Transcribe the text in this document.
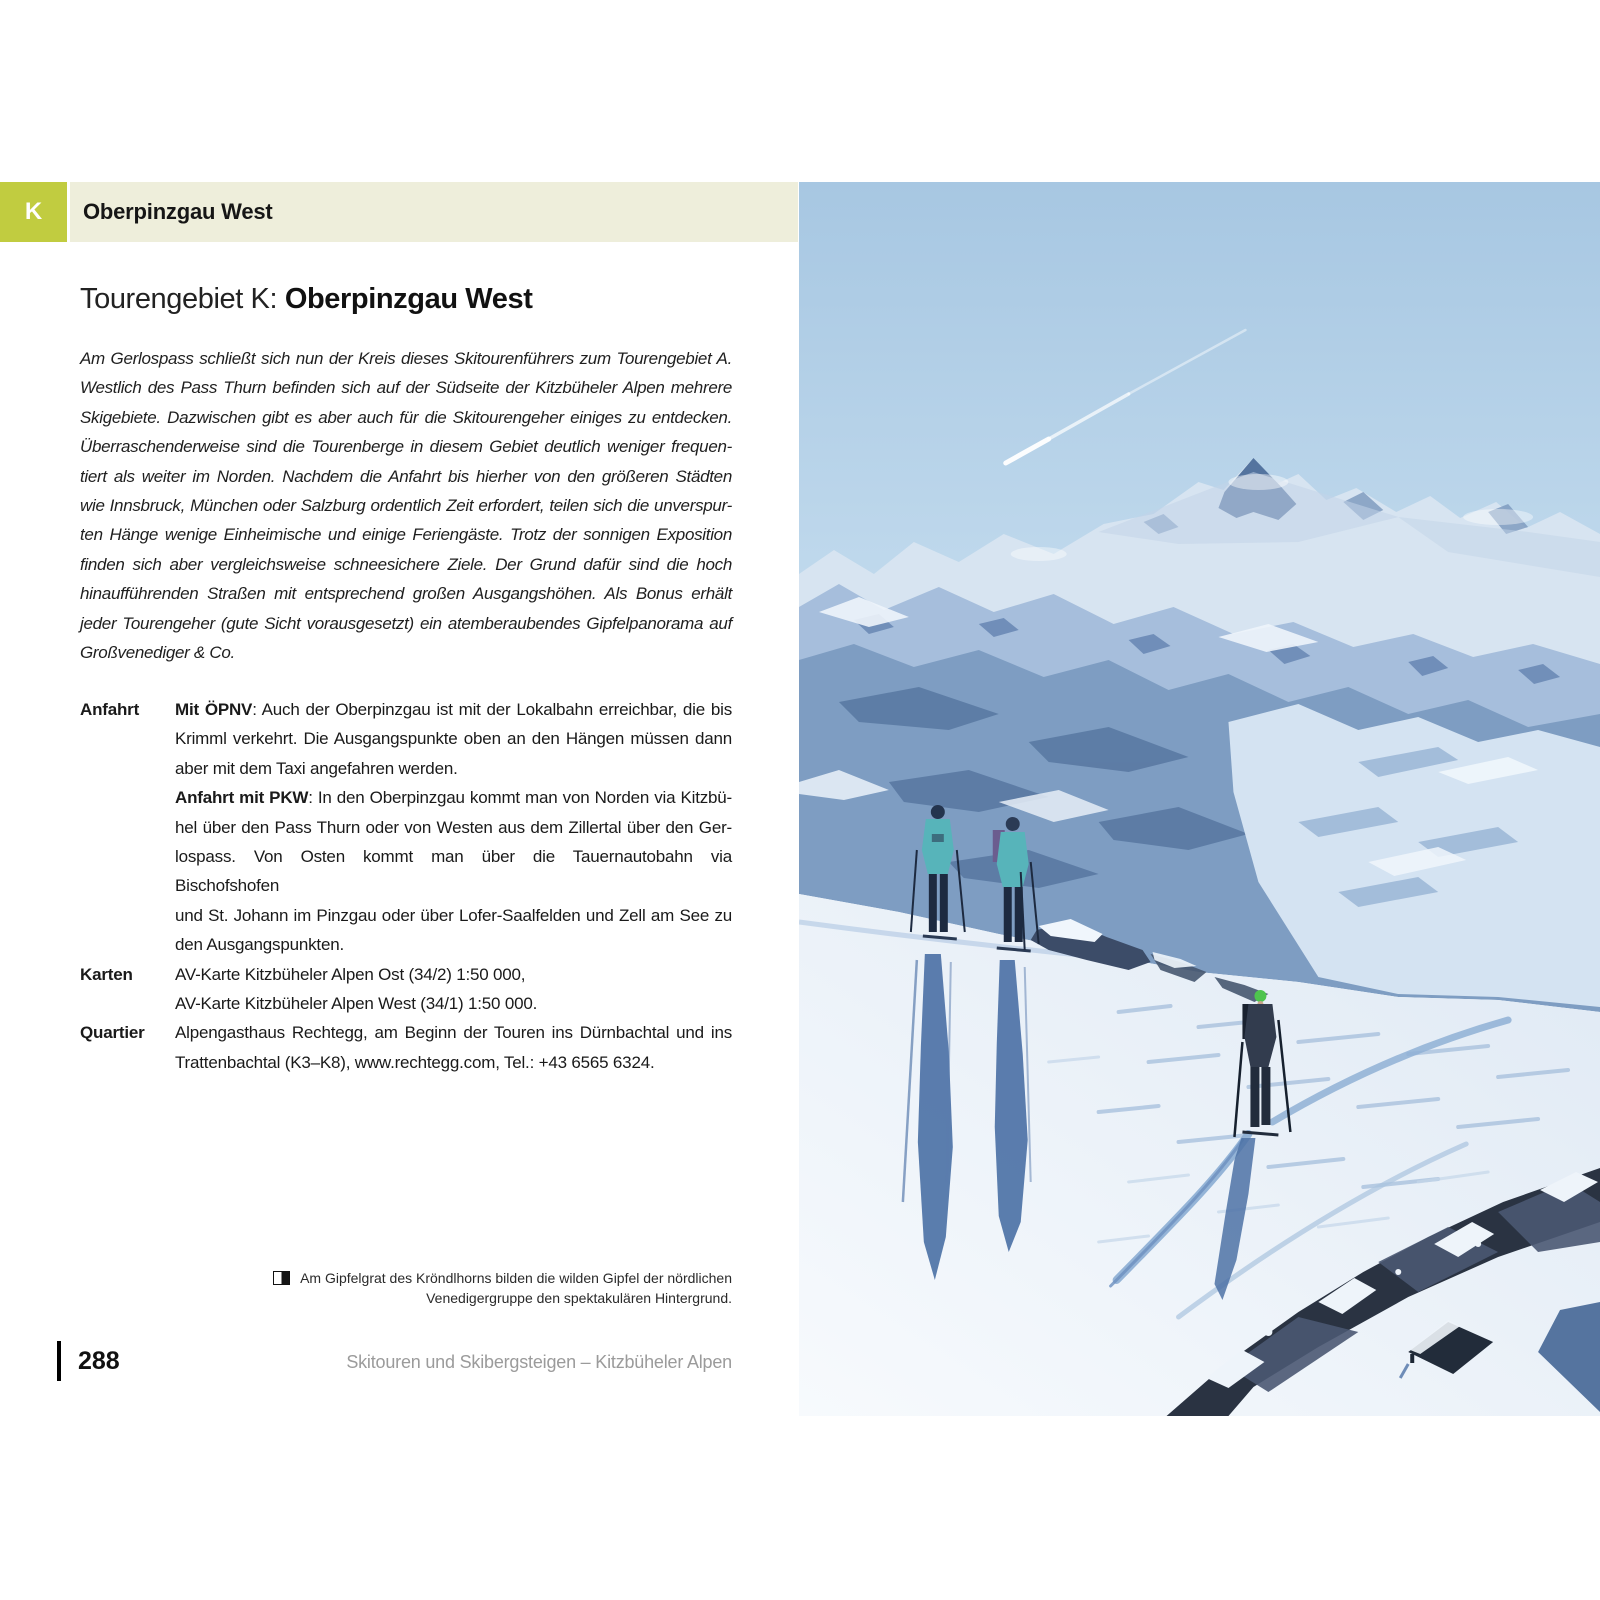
K Oberpinzgau West
Tourengebiet K: Oberpinzgau West
Am Gerlospass schließt sich nun der Kreis dieses Skitourenführers zum Tourengebiet A.
Westlich des Pass Thurn befinden sich auf der Südseite der Kitzbüheler Alpen mehrere
Skigebiete. Dazwischen gibt es aber auch für die Skitourengeher einiges zu entdecken.
Überraschenderweise sind die Tourenberge in diesem Gebiet deutlich weniger frequen-
tiert als weiter im Norden. Nachdem die Anfahrt bis hierher von den größeren Städten
wie Innsbruck, München oder Salzburg ordentlich Zeit erfordert, teilen sich die unverspur-
ten Hänge wenige Einheimische und einige Feriengäste. Trotz der sonnigen Exposition
finden sich aber vergleichsweise schneesichere Ziele. Der Grund dafür sind die hoch
hinaufführenden Straßen mit entsprechend großen Ausgangshöhen. Als Bonus erhält
jeder Tourengeher (gute Sicht vorausgesetzt) ein atemberaubendes Gipfelpanorama auf
Großvenediger & Co.
Anfahrt	Mit ÖPNV: Auch der Oberpinzgau ist mit der Lokalbahn erreichbar, die bis
Krimml verkehrt. Die Ausgangspunkte oben an den Hängen müssen dann
aber mit dem Taxi angefahren werden.
Anfahrt mit PKW: In den Oberpinzgau kommt man von Norden via Kitzbü-
hel über den Pass Thurn oder von Westen aus dem Zillertal über den Ger-
lospass. Von Osten kommt man über die Tauernautobahn via Bischofshofen
und St. Johann im Pinzgau oder über Lofer-Saalfelden und Zell am See zu
den Ausgangspunkten.
Karten	AV-Karte Kitzbüheler Alpen Ost (34/2) 1:50 000,
AV-Karte Kitzbüheler Alpen West (34/1) 1:50 000.
Quartier	Alpengasthaus Rechtegg, am Beginn der Touren ins Dürnbachtal und ins
Trattenbachtal (K3–K8), www.rechtegg.com, Tel.: +43 6565 6324.
Am Gipfelgrat des Kröndlhorns bilden die wilden Gipfel der nördlichen
Venedigergruppe den spektakulären Hintergrund.
288	Skitouren und Skibergsteigen – Kitzbüheler Alpen
